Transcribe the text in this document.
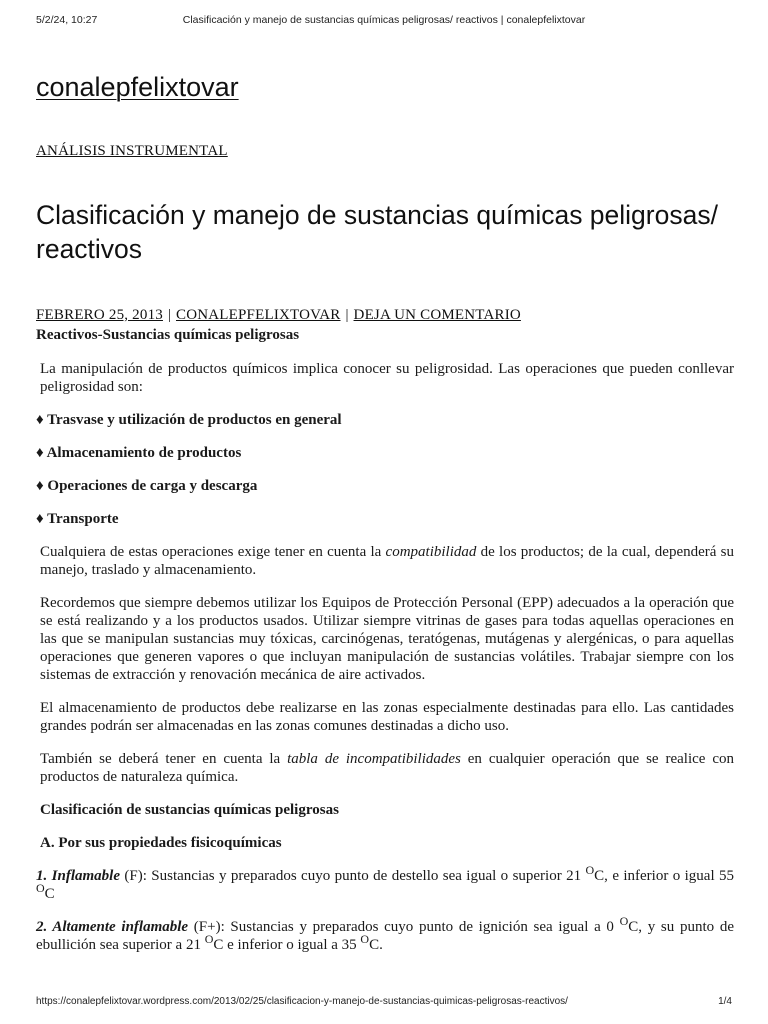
5/2/24, 10:27	Clasificación y manejo de sustancias químicas peligrosas/ reactivos | conalepfelixtovar
conalepfelixtovar
ANÁLISIS INSTRUMENTAL
Clasificación y manejo de sustancias químicas peligrosas/ reactivos
FEBRERO 25, 2013 | CONALEPFELIXTOVAR | DEJA UN COMENTARIO

Reactivos-Sustancias químicas peligrosas

La manipulación de productos químicos implica conocer su peligrosidad. Las operaciones que pueden conllevar peligrosidad son:

♦ Trasvase y utilización de productos en general

♦ Almacenamiento de productos

♦ Operaciones de carga y descarga

♦ Transporte

Cualquiera de estas operaciones exige tener en cuenta la compatibilidad de los productos; de la cual, dependerá su manejo, traslado y almacenamiento.

Recordemos que siempre debemos utilizar los Equipos de Protección Personal (EPP) adecuados a la operación que se está realizando y a los productos usados. Utilizar siempre vitrinas de gases para todas aquellas operaciones en las que se manipulan sustancias muy tóxicas, carcinógenas, teratógenas, mutágenas y alergénicas, o para aquellas operaciones que generen vapores o que incluyan manipulación de sustancias volátiles. Trabajar siempre con los sistemas de extracción y renovación mecánica de aire activados.

El almacenamiento de productos debe realizarse en las zonas especialmente destinadas para ello. Las cantidades grandes podrán ser almacenadas en las zonas comunes destinadas a dicho uso.

También se deberá tener en cuenta la tabla de incompatibilidades en cualquier operación que se realice con productos de naturaleza química.

Clasificación de sustancias químicas peligrosas

A. Por sus propiedades fisicoquímicas

1. Inflamable (F): Sustancias y preparados cuyo punto de destello sea igual o superior 21 $^O$C, e inferior o igual 55 $^O$C

2. Altamente inflamable (F+): Sustancias y preparados cuyo punto de ignición sea igual a 0 $^O$C, y su punto de ebullición sea superior a 21 $^O$C e inferior o igual a 35 $^O$C.

https://conalepfelixtovar.wordpress.com/2013/02/25/clasificacion-y-manejo-de-sustancias-quimicas-peligrosas-reactivos/	1/4
